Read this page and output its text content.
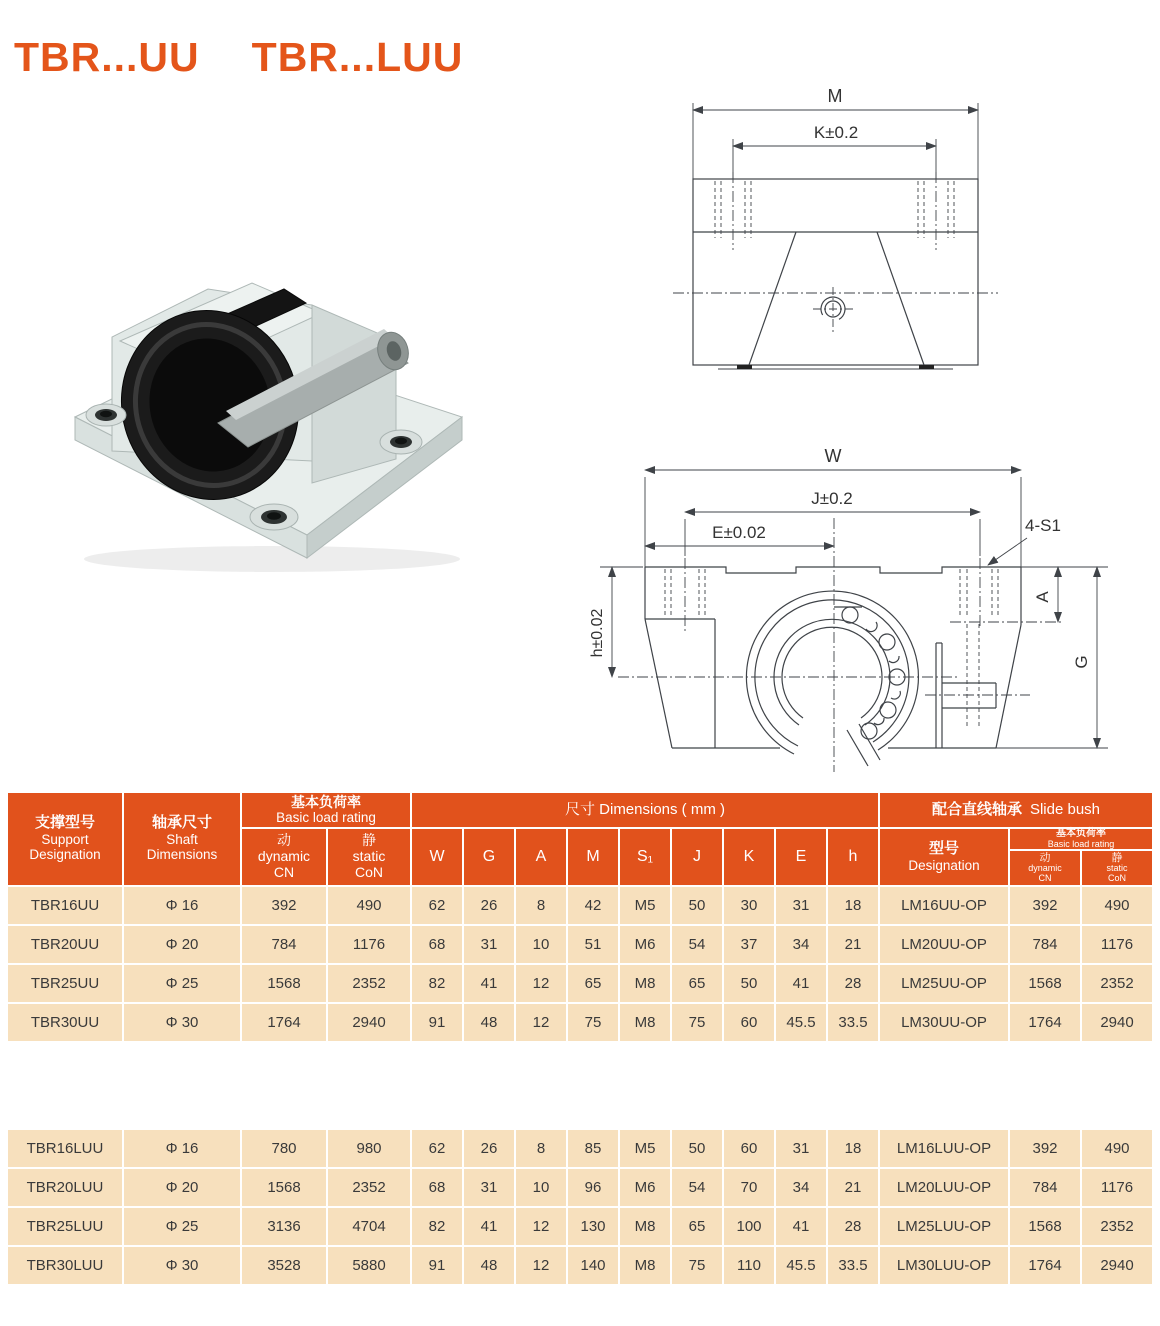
TBR...UU TBR...LUU
M
K±0.2
W
J±0.2
E±0.02	4-S1
h±0.02
A
G
支撑型号
Support Designation
轴承尺寸
Shaft Dimensions
基本负荷率
Basic load rating
动
dynamic
CN
静
static
CoN
尺寸 Dimensions ( mm )
W	G	A	M	S₁	J	K	E	h
配合直线轴承 Slide bush
型号
Designation
基本负荷率
Basic load rating
动
dynamic
CN
静
static
CoN
TBR16UU	Φ 16	392	490	62	26	8	42	M5	50	30	31	18	LM16UU-OP	392	490
TBR20UU	Φ 20	784	1176	68	31	10	51	M6	54	37	34	21	LM20UU-OP	784	1176
TBR25UU	Φ 25	1568	2352	82	41	12	65	M8	65	50	41	28	LM25UU-OP	1568	2352
TBR30UU	Φ 30	1764	2940	91	48	12	75	M8	75	60	45.5	33.5	LM30UU-OP	1764	2940
TBR16LUU	Φ 16	780	980	62	26	8	85	M5	50	60	31	18	LM16LUU-OP	392	490
TBR20LUU	Φ 20	1568	2352	68	31	10	96	M6	54	70	34	21	LM20LUU-OP	784	1176
TBR25LUU	Φ 25	3136	4704	82	41	12	130	M8	65	100	41	28	LM25LUU-OP	1568	2352
TBR30LUU	Φ 30	3528	5880	91	48	12	140	M8	75	110	45.5	33.5	LM30LUU-OP	1764	2940
